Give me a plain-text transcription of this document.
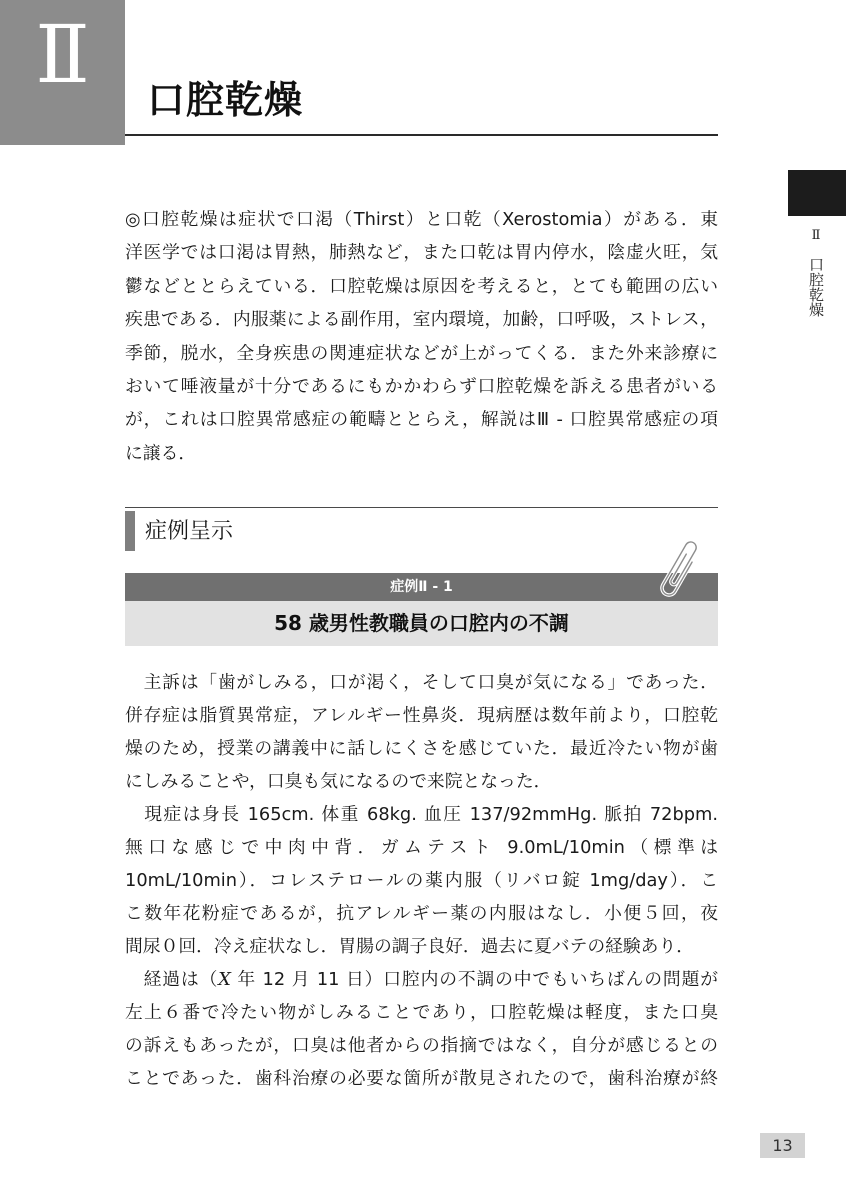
Ⅱ	口腔乾燥
Ⅱ
口腔乾燥
◎口腔乾燥は症状で口渇（Thirst）と口乾（Xerostomia）がある．東
洋医学では口渇は胃熱，肺熱など，また口乾は胃内停水，陰虚火旺，気
鬱などととらえている．口腔乾燥は原因を考えると，とても範囲の広い
疾患である．内服薬による副作用，室内環境，加齢，口呼吸，ストレス，
季節，脱水，全身疾患の関連症状などが上がってくる．また外来診療に
おいて唾液量が十分であるにもかかわらず口腔乾燥を訴える患者がいる
が，これは口腔異常感症の範疇ととらえ，解説はⅢ - 口腔異常感症の項
に譲る．
症例呈示
症例Ⅱ - 1
58 歳男性教職員の口腔内の不調
　主訴は「歯がしみる，口が渇く，そして口臭が気になる」であった．
併存症は脂質異常症，アレルギー性鼻炎．現病歴は数年前より，口腔乾
燥のため，授業の講義中に話しにくさを感じていた．最近冷たい物が歯
にしみることや，口臭も気になるので来院となった．
　現症は身長 165cm. 体重 68kg. 血圧 137/92mmHg. 脈拍 72bpm.
無口な感じで中肉中背．ガムテスト 9.0mL/10min（標準は
10mL/10min）．コレステロールの薬内服（リバロ錠 1mg/day）．こ
こ数年花粉症であるが，抗アレルギー薬の内服はなし．小便５回，夜
間尿０回．冷え症状なし．胃腸の調子良好．過去に夏バテの経験あり．
　経過は（X 年 12 月 11 日）口腔内の不調の中でもいちばんの問題が
左上６番で冷たい物がしみることであり，口腔乾燥は軽度，また口臭
の訴えもあったが，口臭は他者からの指摘ではなく，自分が感じるとの
ことであった．歯科治療の必要な箇所が散見されたので，歯科治療が終
13
